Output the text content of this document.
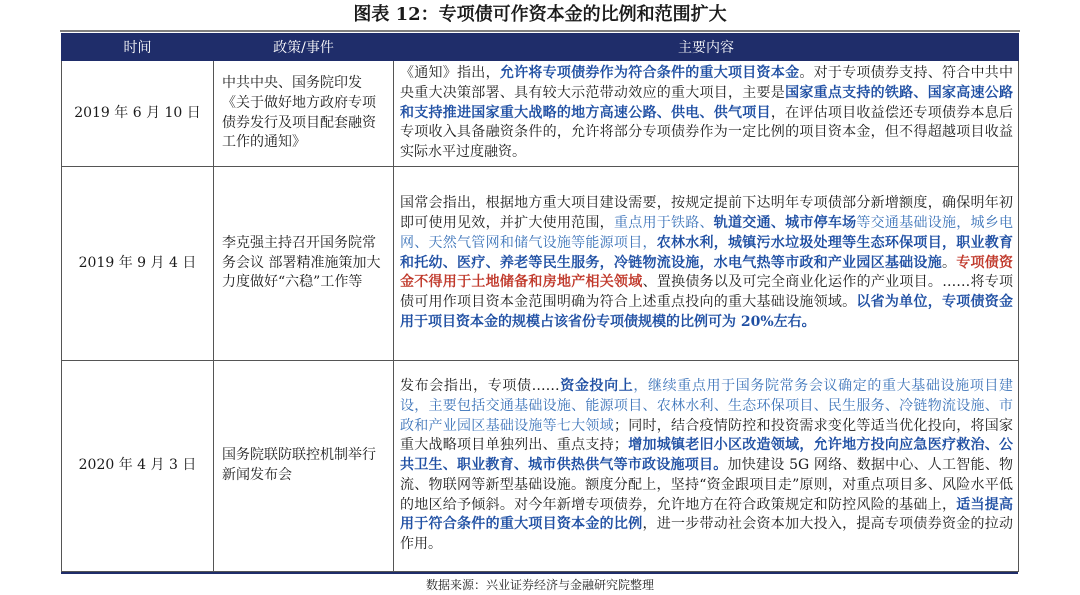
图表 12：专项债可作资本金的比例和范围扩大
时间	政策/事件	主要内容
2019 年 6 月 10 日	中共中央、国务院印发《关于做好地方政府专项债券发行及项目配套融资工作的通知》	《通知》指出，允许将专项债券作为符合条件的重大项目资本金。对于专项债券支持、符合中共中央重大决策部署、具有较大示范带动效应的重大项目，主要是国家重点支持的铁路、国家高速公路和支持推进国家重大战略的地方高速公路、供电、供气项目，在评估项目收益偿还专项债券本息后专项收入具备融资条件的，允许将部分专项债券作为一定比例的项目资本金，但不得超越项目收益实际水平过度融资。
2019 年 9 月 4 日	李克强主持召开国务院常务会议 部署精准施策加大力度做好“六稳”工作等	国常会指出，根据地方重大项目建设需要，按规定提前下达明年专项债部分新增额度，确保明年初即可使用见效，并扩大使用范围，重点用于铁路、轨道交通、城市停车场等交通基础设施，城乡电网、天然气管网和储气设施等能源项目，农林水利，城镇污水垃圾处理等生态环保项目，职业教育和托幼、医疗、养老等民生服务，冷链物流设施，水电气热等市政和产业园区基础设施。专项债资金不得用于土地储备和房地产相关领域、置换债务以及可完全商业化运作的产业项目。……将专项债可用作项目资本金范围明确为符合上述重点投向的重大基础设施领域。以省为单位，专项债资金用于项目资本金的规模占该省份专项债规模的比例可为 20%左右。
2020 年 4 月 3 日	国务院联防联控机制举行新闻发布会	发布会指出，专项债……资金投向上，继续重点用于国务院常务会议确定的重大基础设施项目建设，主要包括交通基础设施、能源项目、农林水利、生态环保项目、民生服务、冷链物流设施、市政和产业园区基础设施等七大领域；同时，结合疫情防控和投资需求变化等适当优化投向，将国家重大战略项目单独列出、重点支持；增加城镇老旧小区改造领域，允许地方投向应急医疗救治、公共卫生、职业教育、城市供热供气等市政设施项目。加快建设 5G 网络、数据中心、人工智能、物流、物联网等新型基础设施。额度分配上，坚持“资金跟项目走”原则，对重点项目多、风险水平低的地区给予倾斜。对今年新增专项债券，允许地方在符合政策规定和防控风险的基础上，适当提高用于符合条件的重大项目资本金的比例，进一步带动社会资本加大投入，提高专项债券资金的拉动作用。
数据来源：兴业证券经济与金融研究院整理
